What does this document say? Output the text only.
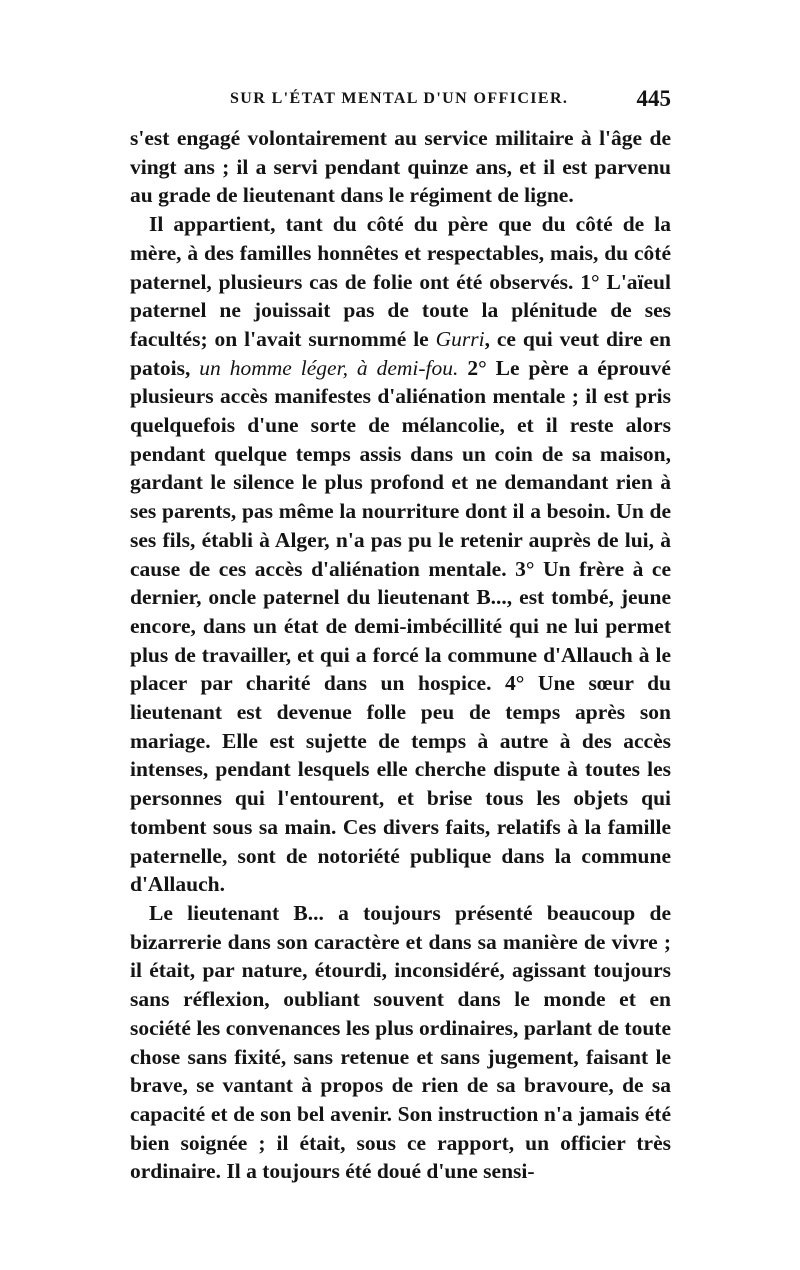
SUR L'ÉTAT MENTAL D'UN OFFICIER.	445

s'est engagé volontairement au service militaire à l'âge de vingt ans ; il a servi pendant quinze ans, et il est parvenu au grade de lieutenant dans le régiment de ligne.

Il appartient, tant du côté du père que du côté de la mère, à des familles honnêtes et respectables, mais, du côté paternel, plusieurs cas de folie ont été observés. 1° L'aïeul paternel ne jouissait pas de toute la plénitude de ses facultés; on l'avait surnommé le Gurri, ce qui veut dire en patois, un homme léger, à demi-fou. 2° Le père a éprouvé plusieurs accès manifestes d'aliénation mentale ; il est pris quelquefois d'une sorte de mélancolie, et il reste alors pendant quelque temps assis dans un coin de sa maison, gardant le silence le plus profond et ne demandant rien à ses parents, pas même la nourriture dont il a besoin. Un de ses fils, établi à Alger, n'a pas pu le retenir auprès de lui, à cause de ces accès d'aliénation mentale. 3° Un frère à ce dernier, oncle paternel du lieutenant B..., est tombé, jeune encore, dans un état de demi-imbécillité qui ne lui permet plus de travailler, et qui a forcé la commune d'Allauch à le placer par charité dans un hospice. 4° Une sœur du lieutenant est devenue folle peu de temps après son mariage. Elle est sujette de temps à autre à des accès intenses, pendant lesquels elle cherche dispute à toutes les personnes qui l'entourent, et brise tous les objets qui tombent sous sa main. Ces divers faits, relatifs à la famille paternelle, sont de notoriété publique dans la commune d'Allauch.

Le lieutenant B... a toujours présenté beaucoup de bizarrerie dans son caractère et dans sa manière de vivre ; il était, par nature, étourdi, inconsidéré, agissant toujours sans réflexion, oubliant souvent dans le monde et en société les convenances les plus ordinaires, parlant de toute chose sans fixité, sans retenue et sans jugement, faisant le brave, se vantant à propos de rien de sa bravoure, de sa capacité et de son bel avenir. Son instruction n'a jamais été bien soignée ; il était, sous ce rapport, un officier très ordinaire. Il a toujours été doué d'une sensi-
